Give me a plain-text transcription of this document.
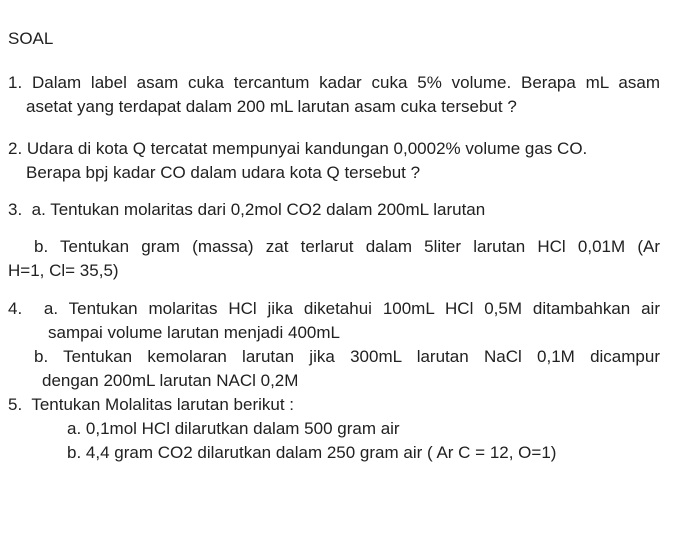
SOAL
1. Dalam label asam cuka tercantum kadar cuka 5% volume. Berapa mL asam
asetat yang terdapat dalam 200 mL larutan asam cuka tersebut ?
2. Udara di kota Q tercatat mempunyai kandungan 0,0002% volume gas CO.
Berapa bpj kadar CO dalam udara kota Q tersebut ?
3.  a. Tentukan molaritas dari 0,2mol CO2 dalam 200mL larutan
b. Tentukan gram (massa) zat terlarut dalam 5liter larutan HCl 0,01M (Ar
H=1, Cl= 35,5)
4.  a. Tentukan molaritas HCl jika diketahui 100mL HCl 0,5M ditambahkan air
sampai volume larutan menjadi 400mL
b. Tentukan kemolaran larutan jika 300mL larutan NaCl 0,1M dicampur
dengan 200mL larutan NACl 0,2M
5.  Tentukan Molalitas larutan berikut :
a. 0,1mol HCl dilarutkan dalam 500 gram air
b. 4,4 gram CO2 dilarutkan dalam 250 gram air ( Ar C = 12, O=1)
